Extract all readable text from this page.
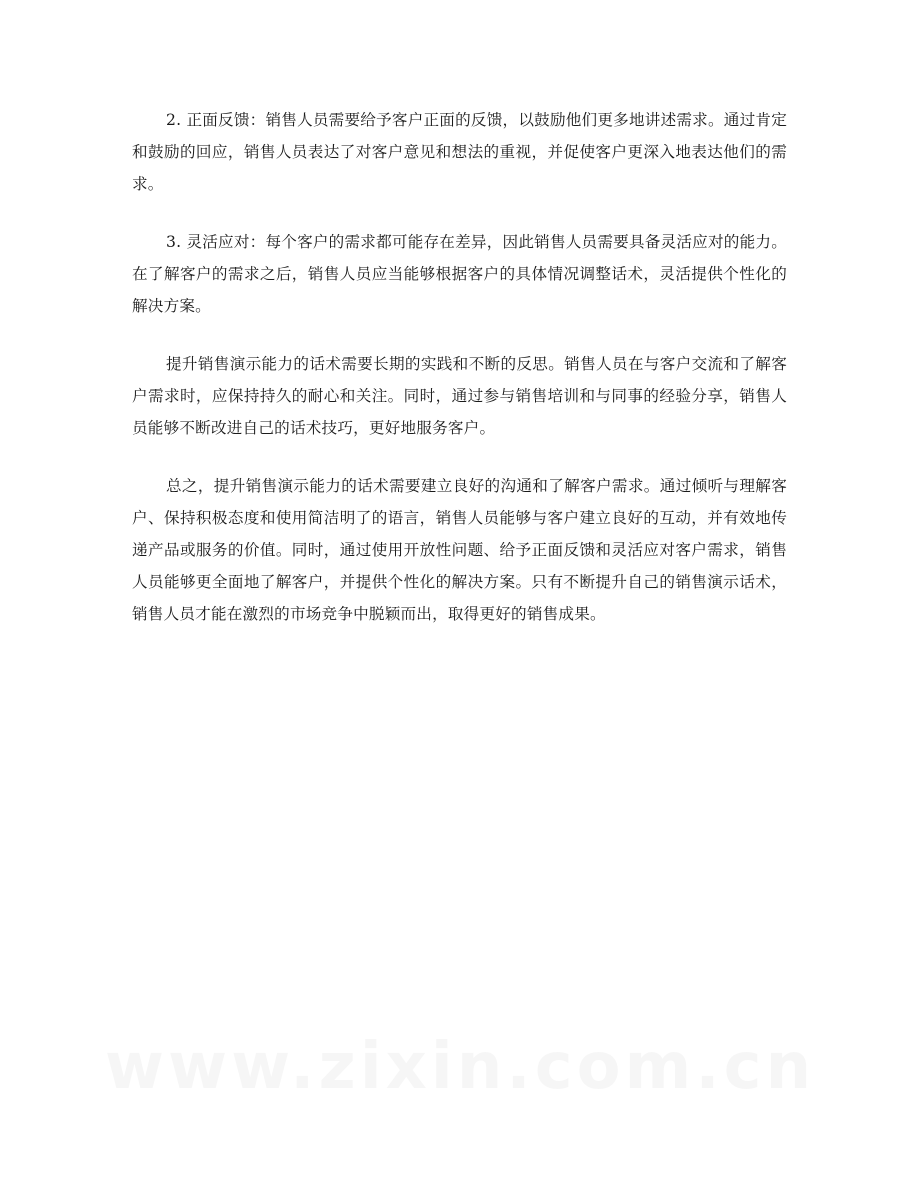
2. 正面反馈：销售人员需要给予客户正面的反馈，以鼓励他们更多地讲述需求。通过肯定和鼓励的回应，销售人员表达了对客户意见和想法的重视，并促使客户更深入地表达他们的需求。

3. 灵活应对：每个客户的需求都可能存在差异，因此销售人员需要具备灵活应对的能力。在了解客户的需求之后，销售人员应当能够根据客户的具体情况调整话术，灵活提供个性化的解决方案。

提升销售演示能力的话术需要长期的实践和不断的反思。销售人员在与客户交流和了解客户需求时，应保持持久的耐心和关注。同时，通过参与销售培训和与同事的经验分享，销售人员能够不断改进自己的话术技巧，更好地服务客户。

总之，提升销售演示能力的话术需要建立良好的沟通和了解客户需求。通过倾听与理解客户、保持积极态度和使用简洁明了的语言，销售人员能够与客户建立良好的互动，并有效地传递产品或服务的价值。同时，通过使用开放性问题、给予正面反馈和灵活应对客户需求，销售人员能够更全面地了解客户，并提供个性化的解决方案。只有不断提升自己的销售演示话术，销售人员才能在激烈的市场竞争中脱颖而出，取得更好的销售成果。
